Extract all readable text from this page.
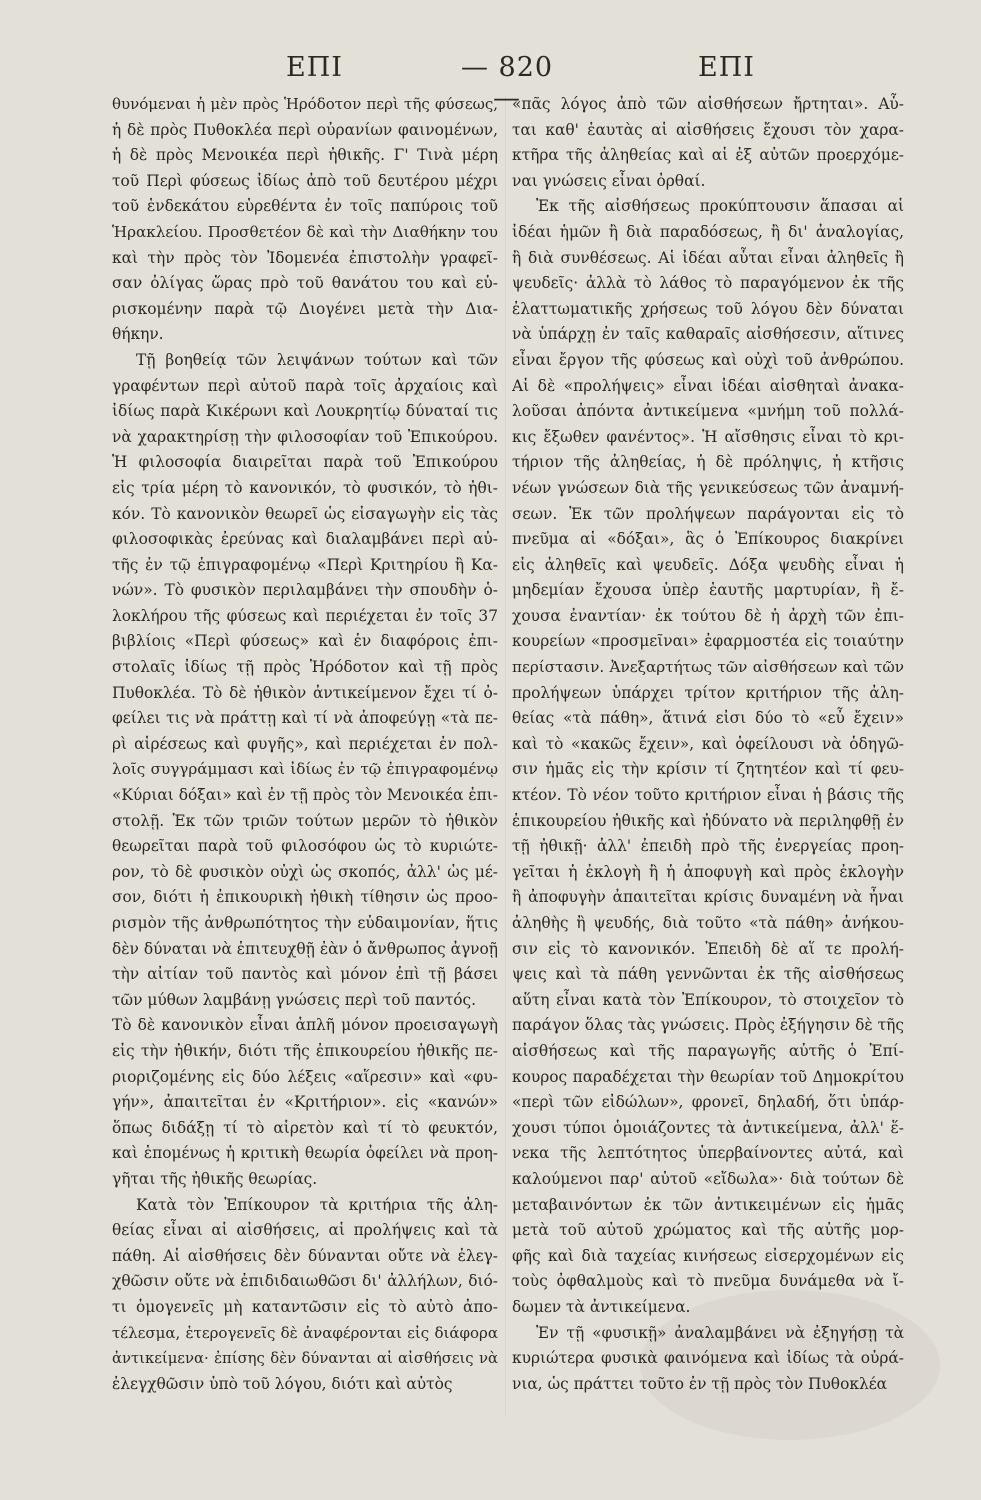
ΕΠΙ	— 820 —
ΕΠΙ
θυνόμεναι ἡ μὲν πρὸς Ἡρόδοτον περὶ τῆς φύσεως,
ἡ δὲ πρὸς Πυθοκλέα περὶ οὐρανίων φαινομένων,
ἡ δὲ πρὸς Μενοικέα περὶ ἠθικῆς. Γ' Τινὰ μέρη
τοῦ Περὶ φύσεως ἰδίως ἀπὸ τοῦ δευτέρου μέχρι
τοῦ ἑνδεκάτου εὑρεθέντα ἐν τοῖς παπύροις τοῦ
Ἡρακλείου. Προσθετέον δὲ καὶ τὴν Διαθήκην του
καὶ τὴν πρὸς τὸν Ἰδομενέα ἐπιστολὴν γραφεῖ-
σαν ὀλίγας ὥρας πρὸ τοῦ θανάτου του καὶ εὑ-
ρισκομένην παρὰ τῷ Διογένει μετὰ τὴν Δια-
θήκην.
Τῇ βοηθείᾳ τῶν λειψάνων τούτων καὶ τῶν
γραφέντων περὶ αὐτοῦ παρὰ τοῖς ἀρχαίοις καὶ
ἰδίως παρὰ Κικέρωνι καὶ Λουκρητίῳ δύναταί τις
νὰ χαρακτηρίσῃ τὴν φιλοσοφίαν τοῦ Ἐπικούρου.
Ἡ φιλοσοφία διαιρεῖται παρὰ τοῦ Ἐπικούρου
εἰς τρία μέρη τὸ κανονικόν, τὸ φυσικόν, τὸ ἠθι-
κόν. Τὸ κανονικὸν θεωρεῖ ὡς εἰσαγωγὴν εἰς τὰς
φιλοσοφικὰς ἐρεύνας καὶ διαλαμβάνει περὶ αὐ-
τῆς ἐν τῷ ἐπιγραφομένῳ «Περὶ Κριτηρίου ἢ Κα-
νών». Τὸ φυσικὸν περιλαμβάνει τὴν σπουδὴν ὁ-
λοκλήρου τῆς φύσεως καὶ περιέχεται ἐν τοῖς 37
βιβλίοις «Περὶ φύσεως» καὶ ἐν διαφόροις ἐπι-
στολαῖς ἰδίως τῇ πρὸς Ἡρόδοτον καὶ τῇ πρὸς
Πυθοκλέα. Τὸ δὲ ἠθικὸν ἀντικείμενον ἔχει τί ὀ-
φείλει τις νὰ πράττῃ καὶ τί νὰ ἀποφεύγῃ «τὰ πε-
ρὶ αἱρέσεως καὶ φυγῆς», καὶ περιέχεται ἐν πολ-
λοῖς συγγράμμασι καὶ ἰδίως ἐν τῷ ἐπιγραφομένῳ
«Κύριαι δόξαι» καὶ ἐν τῇ πρὸς τὸν Μενοικέα ἐπι-
στολῇ. Ἐκ τῶν τριῶν τούτων μερῶν τὸ ἠθικὸν
θεωρεῖται παρὰ τοῦ φιλοσόφου ὡς τὸ κυριώτε-
ρον, τὸ δὲ φυσικὸν οὐχὶ ὡς σκοπός, ἀλλ' ὡς μέ-
σον, διότι ἡ ἐπικουρικὴ ἠθικὴ τίθησιν ὡς προο-
ρισμὸν τῆς ἀνθρωπότητος τὴν εὐδαιμονίαν, ἥτις
δὲν δύναται νὰ ἐπιτευχθῇ ἐὰν ὁ ἄνθρωπος ἀγνοῇ
τὴν αἰτίαν τοῦ παντὸς καὶ μόνον ἐπὶ τῇ βάσει
τῶν μύθων λαμβάνῃ γνώσεις περὶ τοῦ παντός.
Τὸ δὲ κανονικὸν εἶναι ἁπλῆ μόνον προεισαγωγὴ
εἰς τὴν ἠθικήν, διότι τῆς ἐπικουρείου ἠθικῆς πε-
ριοριζομένης εἰς δύο λέξεις «αἵρεσιν» καὶ «φυ-
γήν», ἀπαιτεῖται ἐν «Κριτήριον». εἰς «κανών»
ὅπως διδάξῃ τί τὸ αἱρετὸν καὶ τί τὸ φευκτόν,
καὶ ἑπομένως ἡ κριτικὴ θεωρία ὀφείλει νὰ προη-
γῆται τῆς ἠθικῆς θεωρίας.
Κατὰ τὸν Ἐπίκουρον τὰ κριτήρια τῆς ἀλη-
θείας εἶναι αἱ αἰσθήσεις, αἱ προλήψεις καὶ τὰ
πάθη. Αἱ αἰσθήσεις δὲν δύνανται οὔτε νὰ ἐλεγ-
χθῶσιν οὔτε νὰ ἐπιδιδαιωθῶσι δι' ἀλλήλων, διό-
τι ὁμογενεῖς μὴ καταντῶσιν εἰς τὸ αὐτὸ ἀπο-
τέλεσμα, ἑτερογενεῖς δὲ ἀναφέρονται εἰς διάφορα
ἀντικείμενα· ἐπίσης δὲν δύνανται αἱ αἰσθήσεις νὰ
ἐλεγχθῶσιν ὑπὸ τοῦ λόγου, διότι καὶ αὐτὸς
«πᾶς λόγος ἀπὸ τῶν αἰσθήσεων ἤρτηται». Αὗ-
ται καθ' ἑαυτὰς αἱ αἰσθήσεις ἔχουσι τὸν χαρα-
κτῆρα τῆς ἀληθείας καὶ αἱ ἐξ αὐτῶν προερχόμε-
ναι γνώσεις εἶναι ὀρθαί.
Ἐκ τῆς αἰσθήσεως προκύπτουσιν ἅπασαι αἱ
ἰδέαι ἡμῶν ἢ διὰ παραδόσεως, ἢ δι' ἀναλογίας,
ἢ διὰ συνθέσεως. Αἱ ἰδέαι αὗται εἶναι ἀληθεῖς ἢ
ψευδεῖς· ἀλλὰ τὸ λάθος τὸ παραγόμενον ἐκ τῆς
ἐλαττωματικῆς χρήσεως τοῦ λόγου δὲν δύναται
νὰ ὑπάρχῃ ἐν ταῖς καθαραῖς αἰσθήσεσιν, αἵτινες
εἶναι ἔργον τῆς φύσεως καὶ οὐχὶ τοῦ ἀνθρώπου.
Αἱ δὲ «προλήψεις» εἶναι ἰδέαι αἰσθηταὶ ἀνακα-
λοῦσαι ἀπόντα ἀντικείμενα «μνήμη τοῦ πολλά-
κις ἔξωθεν φανέντος». Ἡ αἴσθησις εἶναι τὸ κρι-
τήριον τῆς ἀληθείας, ἡ δὲ πρόληψις, ἡ κτῆσις
νέων γνώσεων διὰ τῆς γενικεύσεως τῶν ἀναμνή-
σεων. Ἐκ τῶν προλήψεων παράγονται εἰς τὸ
πνεῦμα αἱ «δόξαι», ἃς ὁ Ἐπίκουρος διακρίνει
εἰς ἀληθεῖς καὶ ψευδεῖς. Δόξα ψευδὴς εἶναι ἡ
μηδεμίαν ἔχουσα ὑπὲρ ἑαυτῆς μαρτυρίαν, ἢ ἔ-
χουσα ἐναντίαν· ἐκ τούτου δὲ ἡ ἀρχὴ τῶν ἐπι-
κουρείων «προσμεῖναι» ἐφαρμοστέα εἰς τοιαύτην
περίστασιν. Ἀνεξαρτήτως τῶν αἰσθήσεων καὶ τῶν
προλήψεων ὑπάρχει τρίτον κριτήριον τῆς ἀλη-
θείας «τὰ πάθη», ἅτινά εἰσι δύο τὸ «εὖ ἔχειν»
καὶ τὸ «κακῶς ἔχειν», καὶ ὀφείλουσι νὰ ὁδηγῶ-
σιν ἡμᾶς εἰς τὴν κρίσιν τί ζητητέον καὶ τί φευ-
κτέον. Τὸ νέον τοῦτο κριτήριον εἶναι ἡ βάσις τῆς
ἐπικουρείου ἠθικῆς καὶ ἠδύνατο νὰ περιληφθῇ ἐν
τῇ ἠθικῇ· ἀλλ' ἐπειδὴ πρὸ τῆς ἐνεργείας προη-
γεῖται ἡ ἐκλογὴ ἢ ἡ ἀποφυγὴ καὶ πρὸς ἐκλογὴν
ἢ ἀποφυγὴν ἀπαιτεῖται κρίσις δυναμένη νὰ ἦναι
ἀληθὴς ἢ ψευδής, διὰ τοῦτο «τὰ πάθη» ἀνήκου-
σιν εἰς τὸ κανονικόν. Ἐπειδὴ δὲ αἵ τε προλή-
ψεις καὶ τὰ πάθη γεννῶνται ἐκ τῆς αἰσθήσεως
αὕτη εἶναι κατὰ τὸν Ἐπίκουρον, τὸ στοιχεῖον τὸ
παράγον ὅλας τὰς γνώσεις. Πρὸς ἐξήγησιν δὲ τῆς
αἰσθήσεως καὶ τῆς παραγωγῆς αὐτῆς ὁ Ἐπί-
κουρος παραδέχεται τὴν θεωρίαν τοῦ Δημοκρίτου
«περὶ τῶν εἰδώλων», φρονεῖ, δηλαδή, ὅτι ὑπάρ-
χουσι τύποι ὁμοιάζοντες τὰ ἀντικείμενα, ἀλλ' ἕ-
νεκα τῆς λεπτότητος ὑπερβαίνοντες αὐτά, καὶ
καλούμενοι παρ' αὐτοῦ «εἴδωλα»· διὰ τούτων δὲ
μεταβαινόντων ἐκ τῶν ἀντικειμένων εἰς ἡμᾶς
μετὰ τοῦ αὐτοῦ χρώματος καὶ τῆς αὐτῆς μορ-
φῆς καὶ διὰ ταχείας κινήσεως εἰσερχομένων εἰς
τοὺς ὀφθαλμοὺς καὶ τὸ πνεῦμα δυνάμεθα νὰ ἴ-
δωμεν τὰ ἀντικείμενα.
Ἐν τῇ «φυσικῇ» ἀναλαμβάνει νὰ ἐξηγήσῃ τὰ
κυριώτερα φυσικὰ φαινόμενα καὶ ἰδίως τὰ οὐρά-
νια, ὡς πράττει τοῦτο ἐν τῇ πρὸς τὸν Πυθοκλέα
